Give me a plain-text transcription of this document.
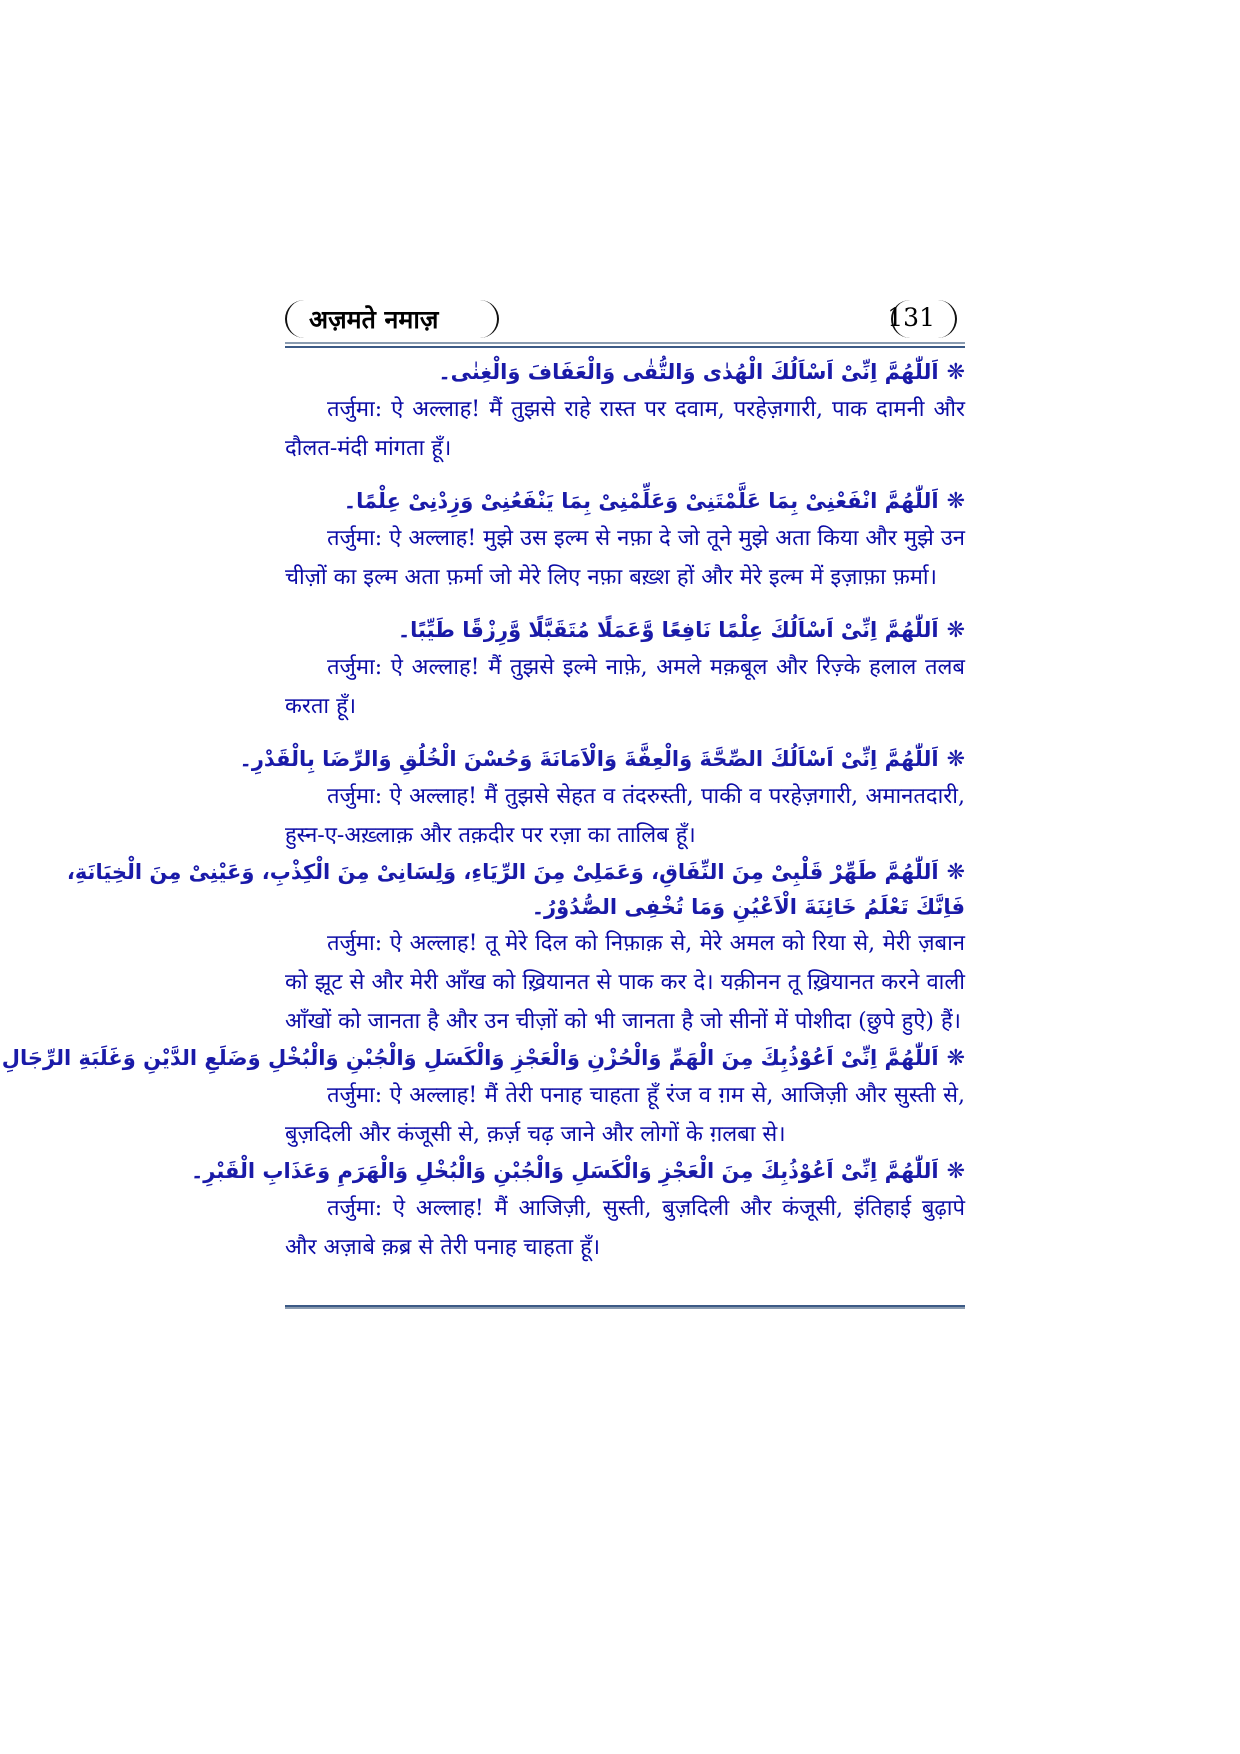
अज़मते नमाज़	131
❋اَللّٰهُمَّ اِنِّیْ اَسْاَلُكَ الْهُدٰی وَالتُّقٰی وَالْعَفَافَ وَالْغِنٰی۔
तर्जुमा: ऐ अल्लाह! मैं तुझसे राहे रास्त पर दवाम, परहेज़गारी, पाक दामनी और दौलत-मंदी मांगता हूँ।
❋اَللّٰهُمَّ انْفَعْنِیْ بِمَا عَلَّمْتَنِیْ وَعَلِّمْنِیْ بِمَا یَنْفَعُنِیْ وَزِدْنِیْ عِلْمًا۔
तर्जुमा: ऐ अल्लाह! मुझे उस इल्म से नफ़ा दे जो तूने मुझे अता किया और मुझे उन चीज़ों का इल्म अता फ़र्मा जो मेरे लिए नफ़ा बख़्श हों और मेरे इल्म में इज़ाफ़ा फ़र्मा।
❋اَللّٰهُمَّ اِنِّیْ اَسْاَلُكَ عِلْمًا نَافِعًا وَّعَمَلًا مُتَقَبَّلًا وَّرِزْقًا طَیِّبًا۔
तर्जुमा: ऐ अल्लाह! मैं तुझसे इल्मे नाफ़े, अमले मक़बूल और रिज़्के हलाल तलब करता हूँ।
❋اَللّٰهُمَّ اِنِّیْ اَسْاَلُكَ الصِّحَّةَ وَالْعِفَّةَ وَالْاَمَانَةَ وَحُسْنَ الْخُلُقِ وَالرِّضَا بِالْقَدْرِ۔
तर्जुमा: ऐ अल्लाह! मैं तुझसे सेहत व तंदरुस्ती, पाकी व परहेज़गारी, अमानतदारी, हुस्न-ए-अख़्लाक़ और तक़दीर पर रज़ा का तालिब हूँ।
❋اَللّٰهُمَّ طَهِّرْ قَلْبِیْ مِنَ النِّفَاقِ، وَعَمَلِیْ مِنَ الرِّیَاءِ، وَلِسَانِیْ مِنَ الْكِذْبِ، وَعَیْنِیْ مِنَ الْخِیَانَةِ،
فَاِنَّكَ تَعْلَمُ خَائِنَةَ الْاَعْیُنِ وَمَا تُخْفِی الصُّدُوْرُ۔
तर्जुमा: ऐ अल्लाह! तू मेरे दिल को निफ़ाक़ से, मेरे अमल को रिया से, मेरी ज़बान को झूट से और मेरी आँख को ख़्रियानत से पाक कर दे। यक़ीनन तू ख़्रियानत करने वाली आँखों को जानता है और उन चीज़ों को भी जानता है जो सीनों में पोशीदा (छुपे हुऐ) हैं।
❋اَللّٰهُمَّ اِنِّیْ اَعُوْذُبِكَ مِنَ الْهَمِّ وَالْحُزْنِ وَالْعَجْزِ وَالْكَسَلِ وَالْجُبْنِ وَالْبُخْلِ وَضَلَعِ الدَّیْنِ وَغَلَبَةِ الرِّجَالِ
तर्जुमा: ऐ अल्लाह! मैं तेरी पनाह चाहता हूँ रंज व ग़म से, आजिज़ी और सुस्ती से, बुज़दिली और कंजूसी से, क़र्ज़ चढ़ जाने और लोगों के ग़लबा से।
❋اَللّٰهُمَّ اِنِّیْ اَعُوْذُبِكَ مِنَ الْعَجْزِ وَالْكَسَلِ وَالْجُبْنِ وَالْبُخْلِ وَالْهَرَمِ وَعَذَابِ الْقَبْرِ۔
तर्जुमा: ऐ अल्लाह! मैं आजिज़ी, सुस्ती, बुज़दिली और कंजूसी, इंतिहाई बुढ़ापे और अज़ाबे क़ब्र से तेरी पनाह चाहता हूँ।
